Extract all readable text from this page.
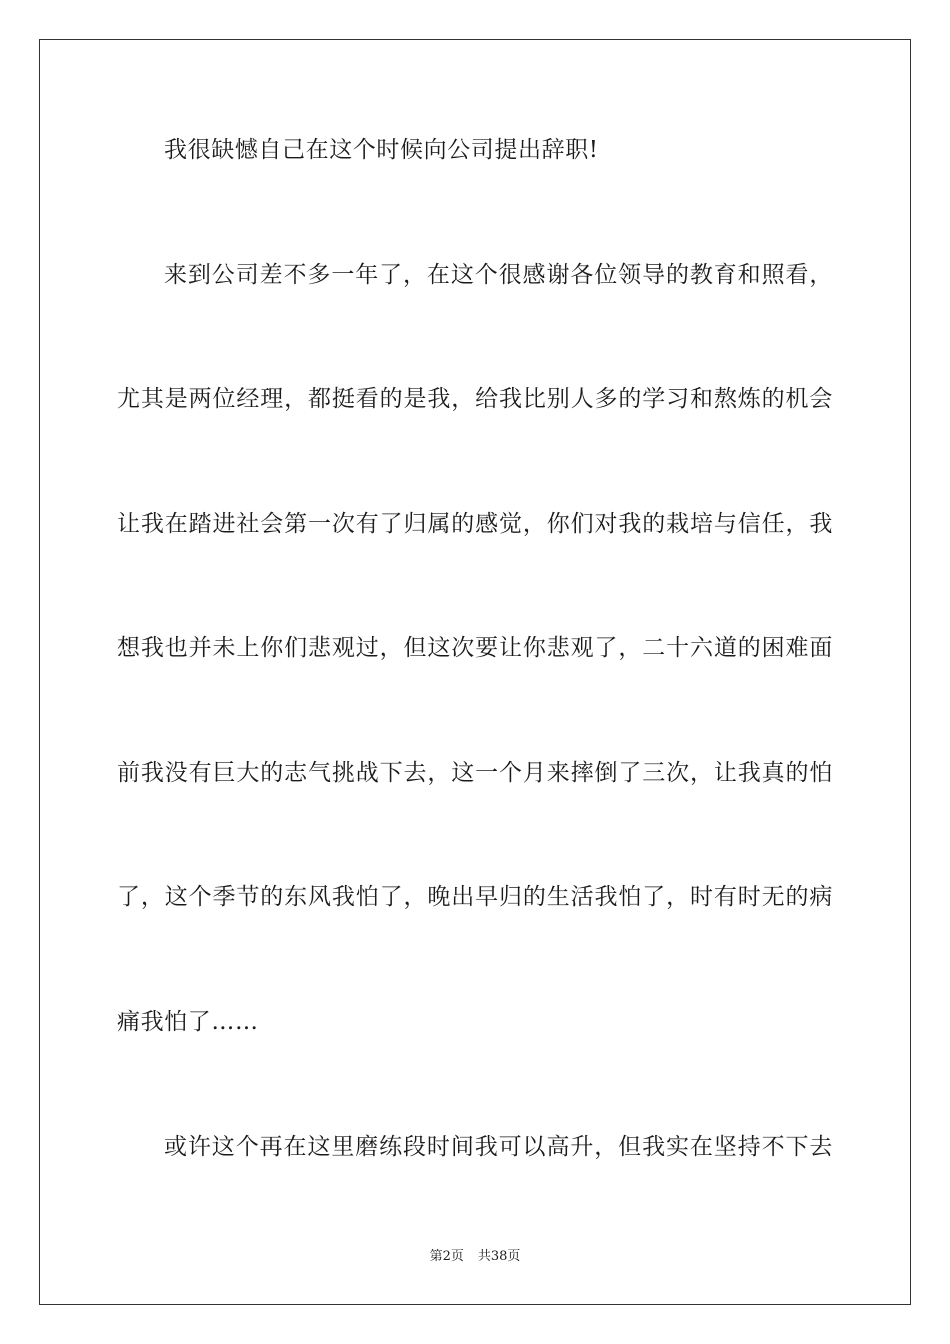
我很缺憾自己在这个时候向公司提出辞职!
来到公司差不多一年了，在这个很感谢各位领导的教育和照看，
尤其是两位经理，都挺看的是我，给我比别人多的学习和熬炼的机会
让我在踏进社会第一次有了归属的感觉，你们对我的栽培与信任，我
想我也并未上你们悲观过，但这次要让你悲观了，二十六道的困难面
前我没有巨大的志气挑战下去，这一个月来摔倒了三次，让我真的怕
了，这个季节的东风我怕了，晚出早归的生活我怕了，时有时无的病
痛我怕了……
或许这个再在这里磨练段时间我可以高升，但我实在坚持不下去
第2页 共38页
